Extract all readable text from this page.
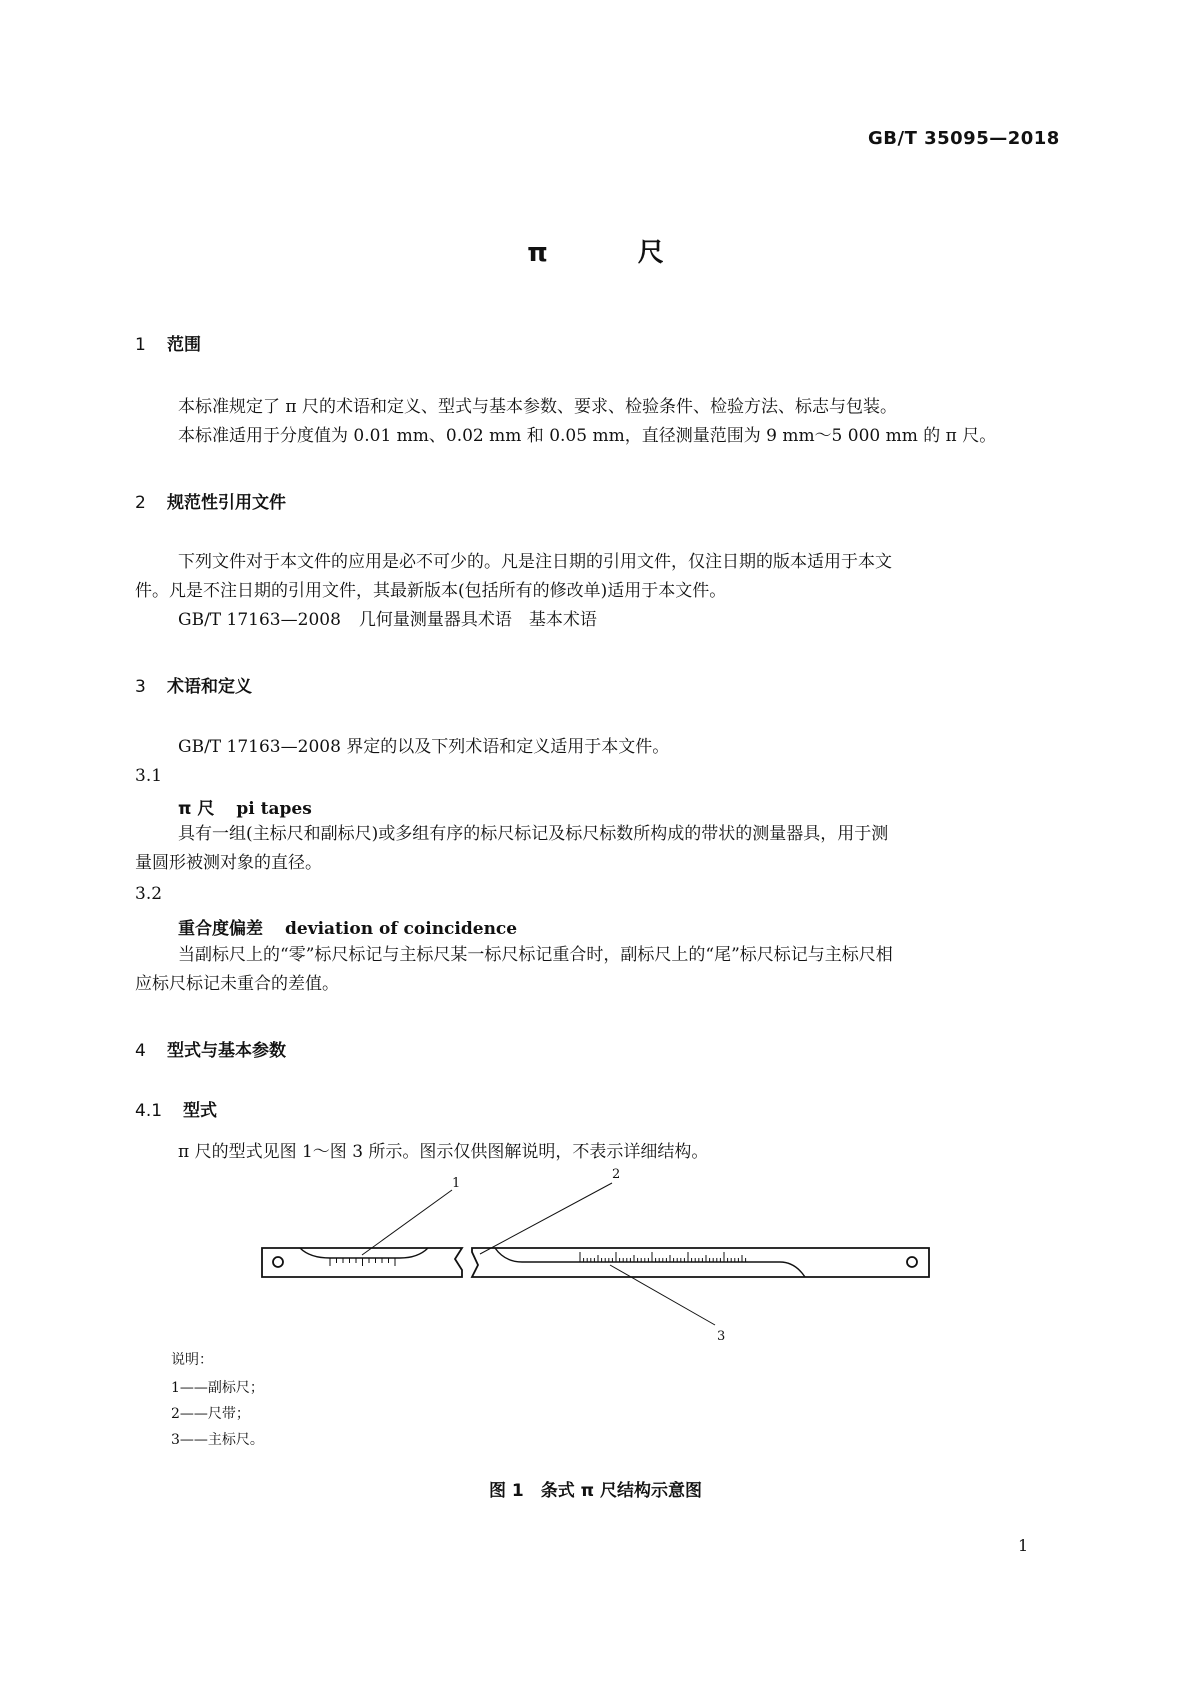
GB/T 35095—2018
π	尺
1 范围
本标准规定了 π 尺的术语和定义、型式与基本参数、要求、检验条件、检验方法、标志与包装。
本标准适用于分度值为 0.01 mm、0.02 mm 和 0.05 mm，直径测量范围为 9 mm～5 000 mm 的 π 尺。
2 规范性引用文件
下列文件对于本文件的应用是必不可少的。凡是注日期的引用文件，仅注日期的版本适用于本文
件。凡是不注日期的引用文件，其最新版本(包括所有的修改单)适用于本文件。
GB/T 17163—2008 几何量测量器具术语　基本术语
3 术语和定义
GB/T 17163—2008 界定的以及下列术语和定义适用于本文件。
3.1
π 尺 pi tapes
具有一组(主标尺和副标尺)或多组有序的标尺标记及标尺标数所构成的带状的测量器具，用于测
量圆形被测对象的直径。
3.2
重合度偏差 deviation of coincidence
当副标尺上的“零”标尺标记与主标尺某一标尺标记重合时，副标尺上的“尾”标尺标记与主标尺相
应标尺标记未重合的差值。
4 型式与基本参数
4.1 型式
π 尺的型式见图 1～图 3 所示。图示仅供图解说明，不表示详细结构。
1
2
3
说明：
1——副标尺；
2——尺带；
3——主标尺。
图 1　条式 π 尺结构示意图
1
